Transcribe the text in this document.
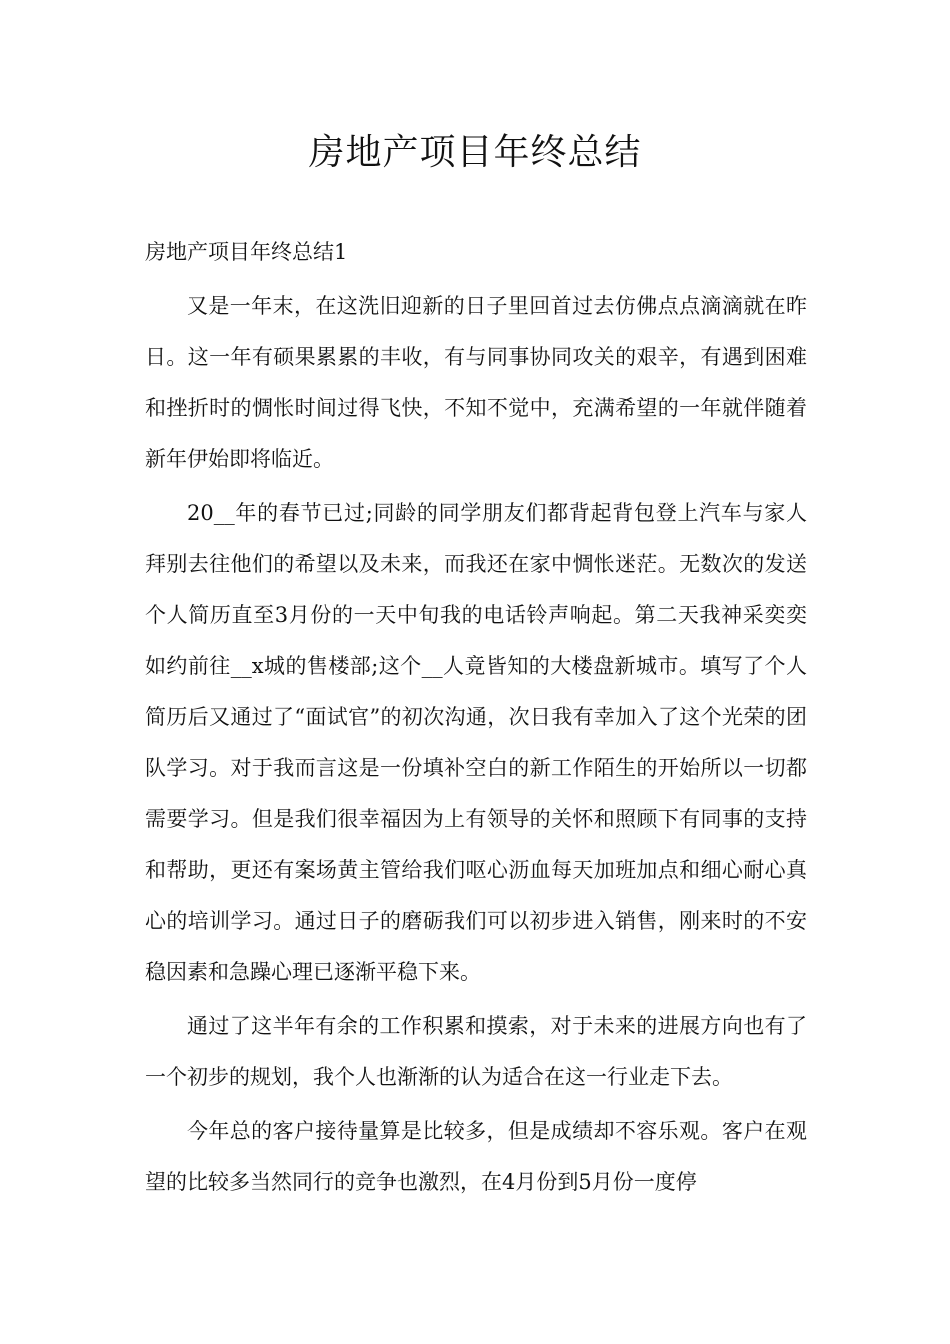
房地产项目年终总结

房地产项目年终总结1

又是一年末，在这洗旧迎新的日子里回首过去仿佛点点滴滴就在昨日。这一年有硕果累累的丰收，有与同事协同攻关的艰辛，有遇到困难和挫折时的惆怅时间过得飞快，不知不觉中，充满希望的一年就伴随着新年伊始即将临近。

20__年的春节已过;同龄的同学朋友们都背起背包登上汽车与家人拜别去往他们的希望以及未来，而我还在家中惆怅迷茫。无数次的发送个人简历直至3月份的一天中旬我的电话铃声响起。第二天我神采奕奕如约前往__x城的售楼部;这个__人竟皆知的大楼盘新城市。填写了个人简历后又通过了“面试官”的初次沟通，次日我有幸加入了这个光荣的团队学习。对于我而言这是一份填补空白的新工作陌生的开始所以一切都需要学习。但是我们很幸福因为上有领导的关怀和照顾下有同事的支持和帮助，更还有案场黄主管给我们呕心沥血每天加班加点和细心耐心真心的培训学习。通过日子的磨砺我们可以初步进入销售，刚来时的不安稳因素和急躁心理已逐渐平稳下来。

通过了这半年有余的工作积累和摸索，对于未来的进展方向也有了一个初步的规划，我个人也渐渐的认为适合在这一行业走下去。

今年总的客户接待量算是比较多，但是成绩却不容乐观。客户在观望的比较多当然同行的竞争也激烈，在4月份到5月份一度停
